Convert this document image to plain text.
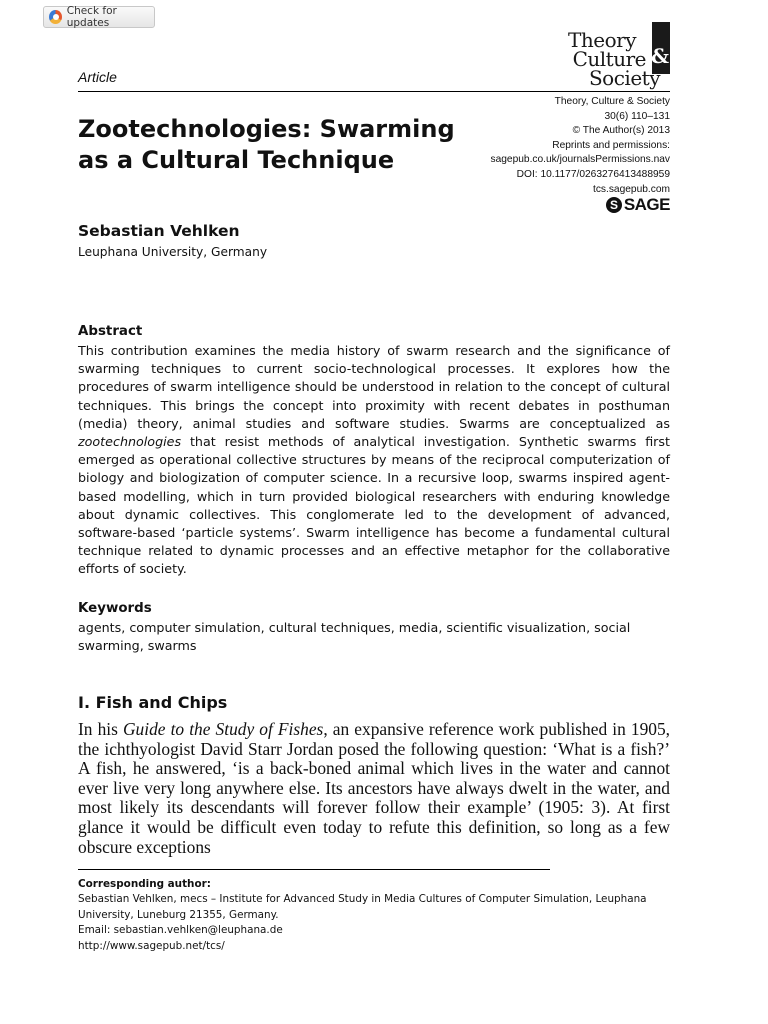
Check for updates
&
Theory
Culture
Society
Article
Theory, Culture & Society
30(6) 110–131
© The Author(s) 2013
Reprints and permissions:
sagepub.co.uk/journalsPermissions.nav
DOI: 10.1177/0263276413488959
tcs.sagepub.com
S SAGE
Zootechnologies: Swarming as a Cultural Technique
Sebastian Vehlken
Leuphana University, Germany
Abstract
This contribution examines the media history of swarm research and the significance of swarming techniques to current socio-technological processes. It explores how the procedures of swarm intelligence should be understood in relation to the concept of cultural techniques. This brings the concept into proximity with recent debates in posthuman (media) theory, animal studies and software studies. Swarms are conceptualized as zootechnologies that resist methods of analytical investigation. Synthetic swarms first emerged as operational collective structures by means of the reciprocal computerization of biology and biologization of computer science. In a recursive loop, swarms inspired agent-based modelling, which in turn provided biological researchers with enduring knowledge about dynamic collectives. This conglomerate led to the development of advanced, software-based ‘particle systems’. Swarm intelligence has become a fundamental cultural technique related to dynamic processes and an effective metaphor for the collaborative efforts of society.
Keywords
agents, computer simulation, cultural techniques, media, scientific visualization, social swarming, swarms
I. Fish and Chips
In his Guide to the Study of Fishes, an expansive reference work published in 1905, the ichthyologist David Starr Jordan posed the following question: ‘What is a fish?’ A fish, he answered, ‘is a back-boned animal which lives in the water and cannot ever live very long anywhere else. Its ancestors have always dwelt in the water, and most likely its descendants will forever follow their example’ (1905: 3). At first glance it would be difficult even today to refute this definition, so long as a few obscure exceptions
Corresponding author:
Sebastian Vehlken, mecs – Institute for Advanced Study in Media Cultures of Computer Simulation, Leuphana University, Luneburg 21355, Germany.
Email: sebastian.vehlken@leuphana.de
http://www.sagepub.net/tcs/
